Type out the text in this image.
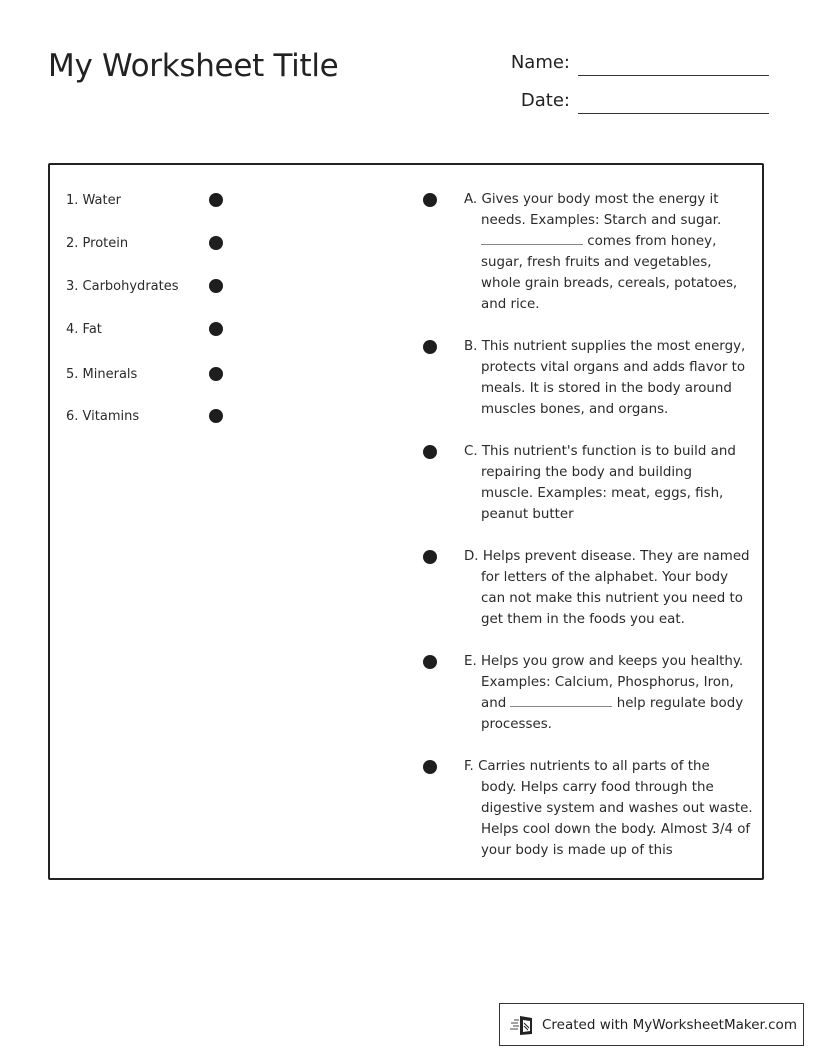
My Worksheet Title	Name:
Date:
1. Water
2. Protein
3. Carbohydrates
4. Fat
5. Minerals
6. Vitamins
A. Gives your body most the energy it
needs. Examples: Starch and sugar.
comes from honey,
sugar, fresh fruits and vegetables,
whole grain breads, cereals, potatoes,
and rice.
B. This nutrient supplies the most energy,
protects vital organs and adds flavor to
meals. It is stored in the body around
muscles bones, and organs.
C. This nutrient's function is to build and
repairing the body and building
muscle. Examples: meat, eggs, fish,
peanut butter
D. Helps prevent disease. They are named
for letters of the alphabet. Your body
can not make this nutrient you need to
get them in the foods you eat.
E. Helps you grow and keeps you healthy.
Examples: Calcium, Phosphorus, Iron,
and	help regulate body
processes.
F. Carries nutrients to all parts of the
body. Helps carry food through the
digestive system and washes out waste.
Helps cool down the body. Almost 3/4 of
your body is made up of this
Created with MyWorksheetMaker.com
